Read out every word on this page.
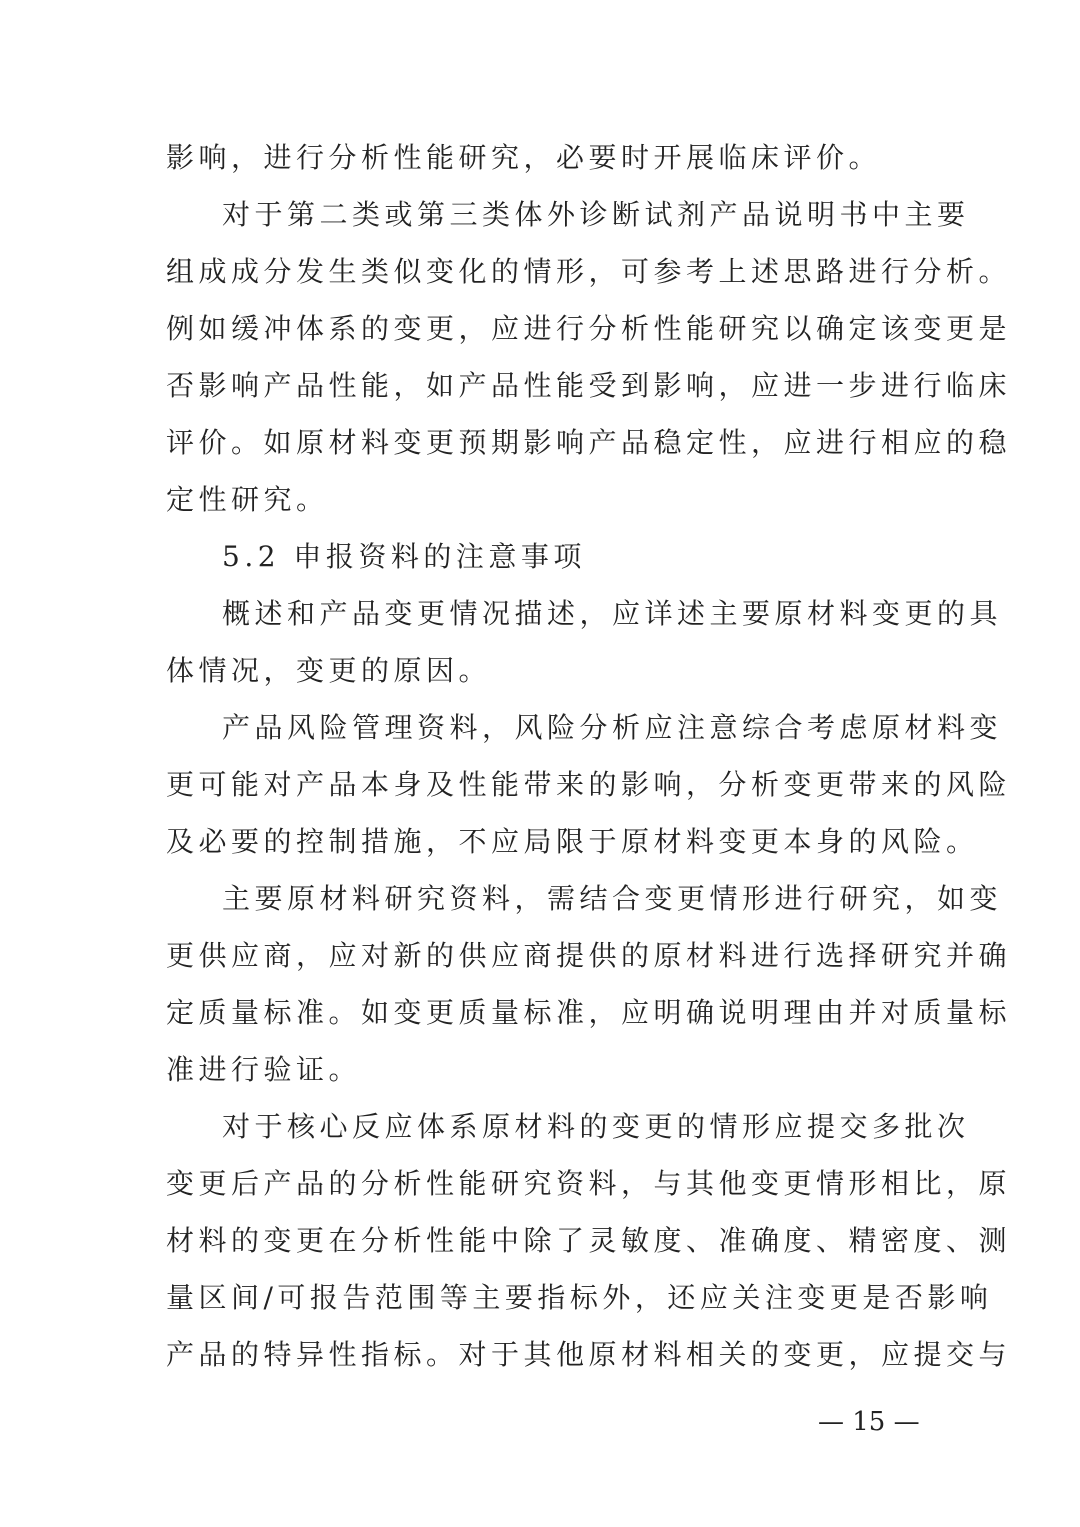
影响，进行分析性能研究，必要时开展临床评价。
对于第二类或第三类体外诊断试剂产品说明书中主要
组成成分发生类似变化的情形，可参考上述思路进行分析。
例如缓冲体系的变更，应进行分析性能研究以确定该变更是
否影响产品性能，如产品性能受到影响，应进一步进行临床
评价。如原材料变更预期影响产品稳定性，应进行相应的稳
定性研究。
5.2 申报资料的注意事项
概述和产品变更情况描述，应详述主要原材料变更的具
体情况，变更的原因。
产品风险管理资料，风险分析应注意综合考虑原材料变
更可能对产品本身及性能带来的影响，分析变更带来的风险
及必要的控制措施，不应局限于原材料变更本身的风险。
主要原材料研究资料，需结合变更情形进行研究，如变
更供应商，应对新的供应商提供的原材料进行选择研究并确
定质量标准。如变更质量标准，应明确说明理由并对质量标
准进行验证。
对于核心反应体系原材料的变更的情形应提交多批次
变更后产品的分析性能研究资料，与其他变更情形相比，原
材料的变更在分析性能中除了灵敏度、准确度、精密度、测
量区间/可报告范围等主要指标外，还应关注变更是否影响
产品的特异性指标。对于其他原材料相关的变更，应提交与
— 15 —
